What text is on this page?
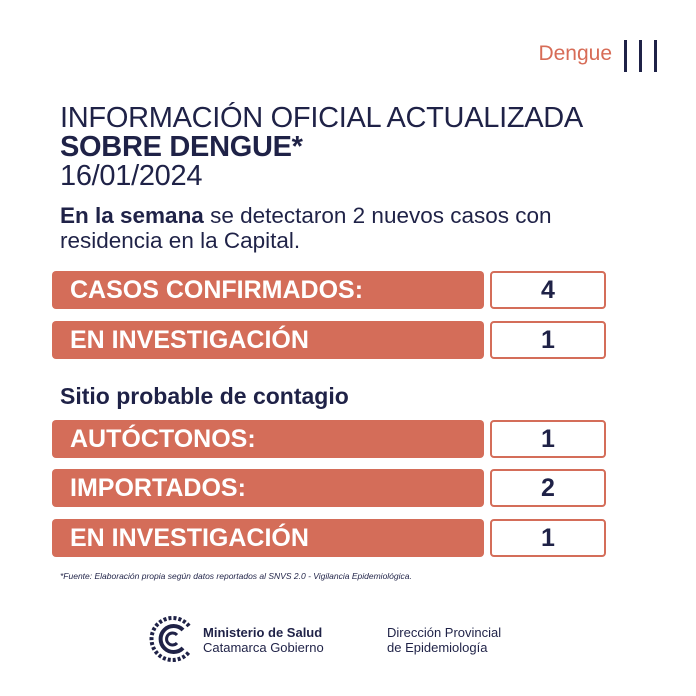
Dengue
INFORMACIÓN OFICIAL ACTUALIZADA
SOBRE DENGUE*
16/01/2024
En la semana se detectaron 2 nuevos casos con residencia en la Capital.
CASOS CONFIRMADOS:	4
EN INVESTIGACIÓN	1
Sitio probable de contagio
AUTÓCTONOS:	1
IMPORTADOS:	2
EN INVESTIGACIÓN	1
*Fuente: Elaboración propia según datos reportados al SNVS 2.0 - Vigilancia Epidemiológica.
Ministerio de Salud
Catamarca Gobierno
Dirección Provincial
de Epidemiología
